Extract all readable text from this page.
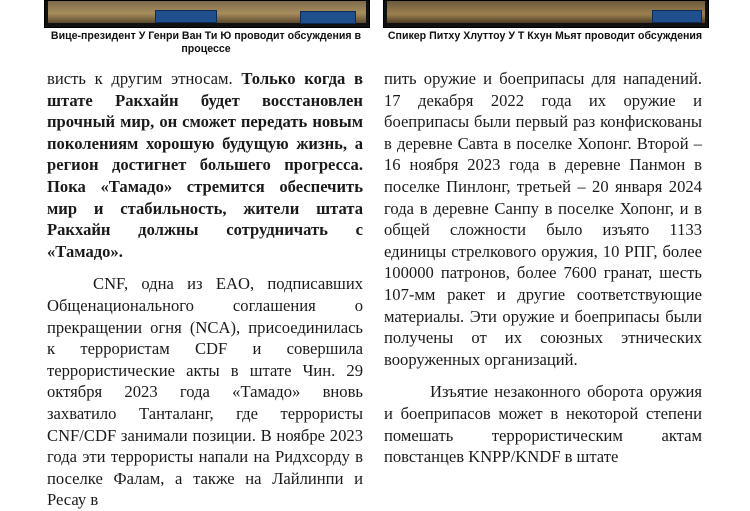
Вице-президент У Генри Ван Ти Ю проводит обсуждения в процессе
Спикер Питху Хлуттоу У Т Кхун Мьят проводит обсуждения

висть к другим этносам. Только когда в штате Ракхайн будет восстановлен прочный мир, он сможет передать новым поколениям хорошую будущую жизнь, а регион достигнет большего прогресса. Пока «Тамадо» стремится обеспечить мир и стабильность, жители штата Ракхайн должны сотрудничать с «Тамадо».

CNF, одна из EAO, подписавших Общенационального соглашения о прекращении огня (NCA), присоединилась к террористам CDF и совершила террористические акты в штате Чин. 29 октября 2023 года «Тамадо» вновь захватило Танталанг, где террористы CNF/CDF занимали позиции. В ноябре 2023 года эти террористы напали на Ридхсорду в поселке Фалам, а также на Лайлинпи и Ресау в

пить оружие и боеприпасы для нападений. 17 декабря 2022 года их оружие и боеприпасы были первый раз конфискованы в деревне Савта в поселке Хопонг. Второй – 16 ноября 2023 года в деревне Панмон в поселке Пинлонг, третьей – 20 января 2024 года в деревне Санпу в поселке Хопонг, и в общей сложности было изъято 1133 единицы стрелкового оружия, 10 РПГ, более 100000 патронов, более 7600 гранат, шесть 107-мм ракет и другие соответствующие материалы. Эти оружие и боеприпасы были получены от их союзных этнических вооруженных организаций.

Изъятие незаконного оборота оружия и боеприпасов может в некоторой степени помешать террористическим актам повстанцев KNPP/KNDF в штате
